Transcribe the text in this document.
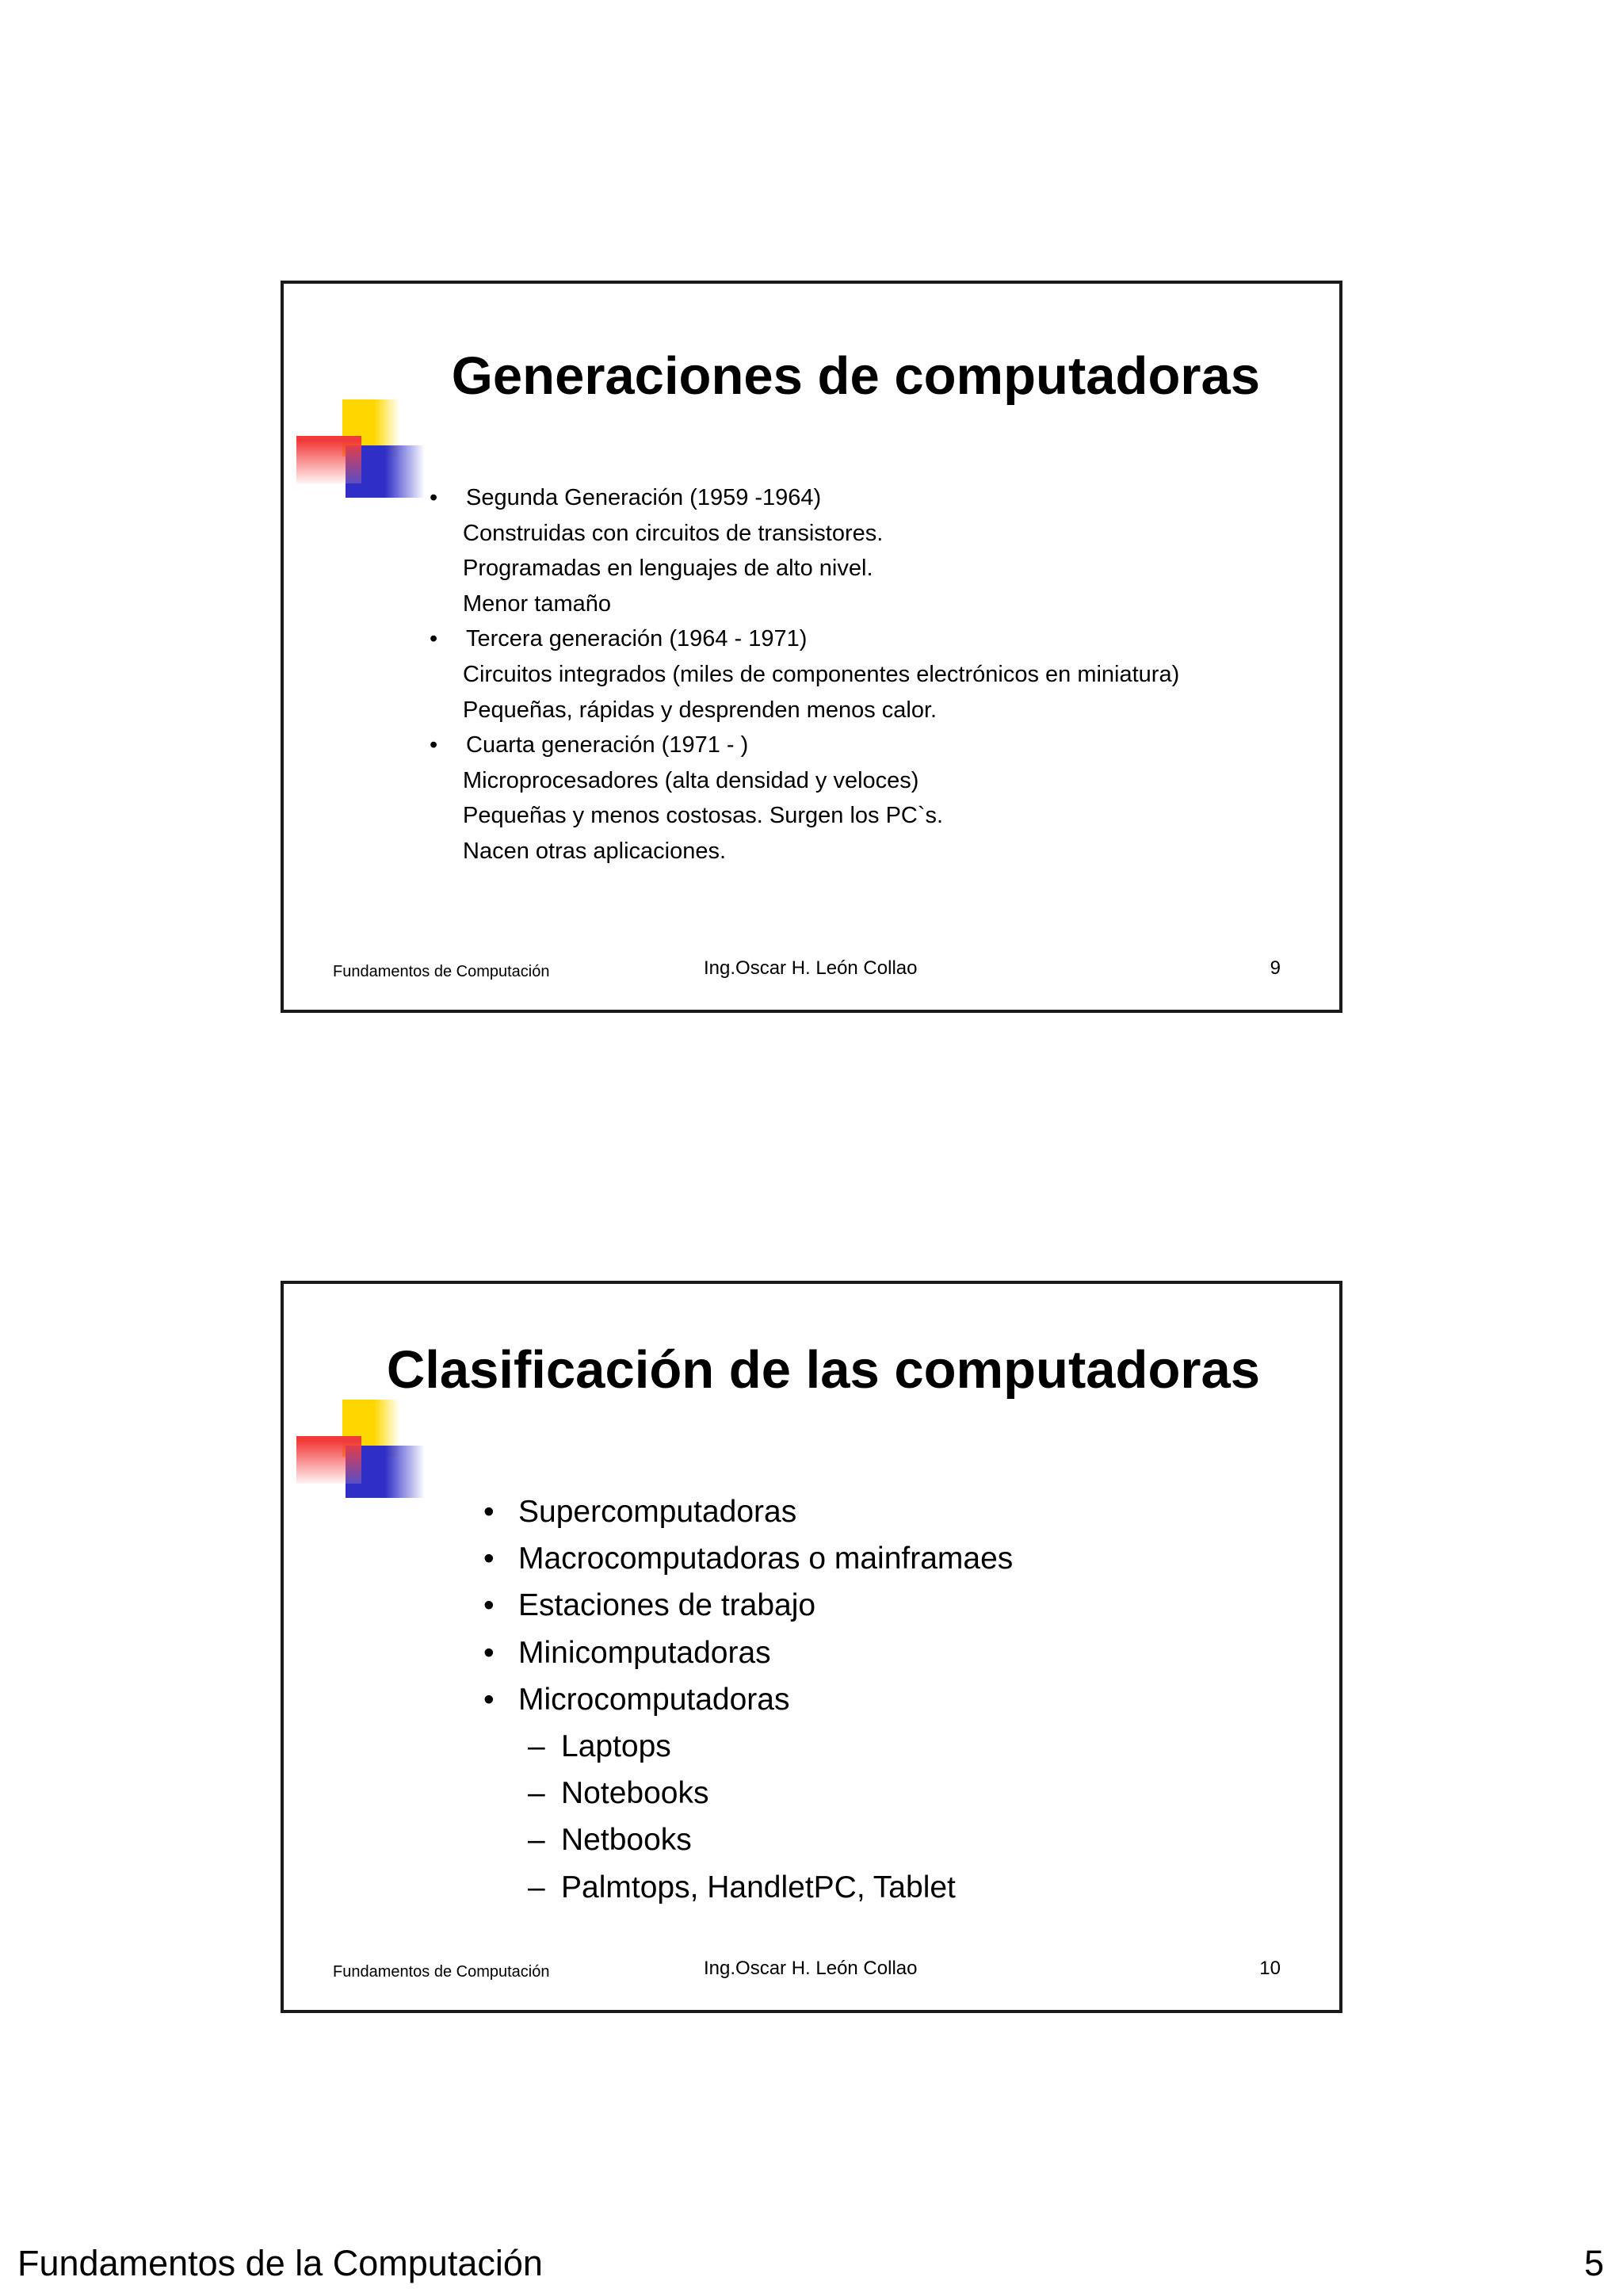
Generaciones de computadoras
• Segunda Generación (1959 -1964)
Construidas con circuitos de transistores.
Programadas en lenguajes de alto nivel.
Menor tamaño
• Tercera generación (1964 - 1971)
Circuitos integrados (miles de componentes electrónicos en miniatura)
Pequeñas, rápidas y desprenden menos calor.
• Cuarta generación (1971 - )
Microprocesadores (alta densidad y veloces)
Pequeñas y menos costosas. Surgen los PC`s.
Nacen otras aplicaciones.
Fundamentos de Computación	Ing.Oscar H. León Collao	9
Clasificación de las computadoras
• Supercomputadoras
• Macrocomputadoras o mainframaes
• Estaciones de trabajo
• Minicomputadoras
• Microcomputadoras
– Laptops
– Notebooks
– Netbooks
– Palmtops, HandletPC, Tablet
Fundamentos de Computación	Ing.Oscar H. León Collao	10
Fundamentos de la Computación	5
